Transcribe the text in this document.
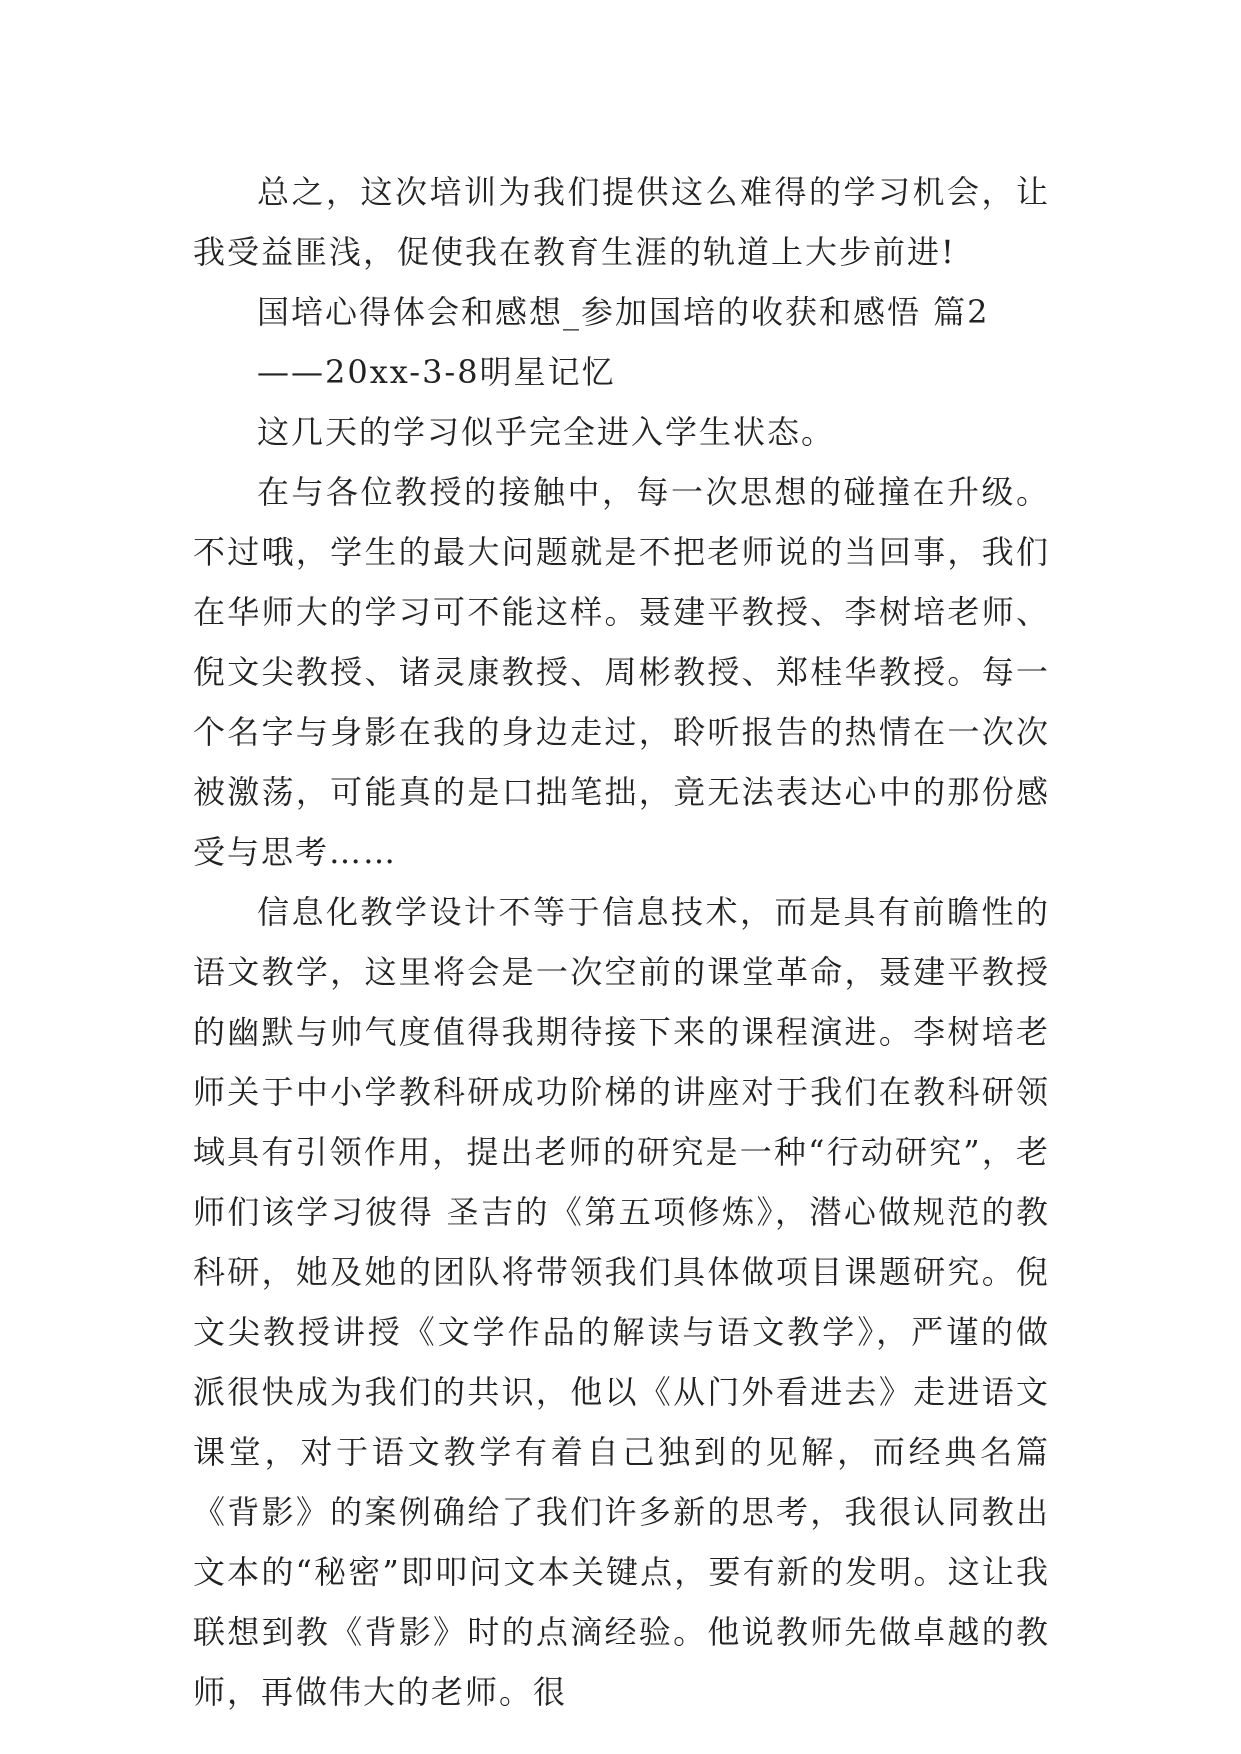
总之，这次培训为我们提供这么难得的学习机会，让我受益匪浅，促使我在教育生涯的轨道上大步前进!

国培心得体会和感想_参加国培的收获和感悟 篇2

——20xx-3-8明星记忆

这几天的学习似乎完全进入学生状态。

在与各位教授的接触中，每一次思想的碰撞在升级。不过哦，学生的最大问题就是不把老师说的当回事，我们在华师大的学习可不能这样。聂建平教授、李树培老师、倪文尖教授、诸灵康教授、周彬教授、郑桂华教授。每一个名字与身影在我的身边走过，聆听报告的热情在一次次被激荡，可能真的是口拙笔拙，竟无法表达心中的那份感受与思考……

信息化教学设计不等于信息技术，而是具有前瞻性的语文教学，这里将会是一次空前的课堂革命，聂建平教授的幽默与帅气度值得我期待接下来的课程演进。李树培老师关于中小学教科研成功阶梯的讲座对于我们在教科研领域具有引领作用，提出老师的研究是一种“行动研究”，老师们该学习彼得 圣吉的《第五项修炼》，潜心做规范的教科研，她及她的团队将带领我们具体做项目课题研究。倪文尖教授讲授《文学作品的解读与语文教学》，严谨的做派很快成为我们的共识，他以《从门外看进去》走进语文课堂，对于语文教学有着自己独到的见解，而经典名篇《背影》的案例确给了我们许多新的思考，我很认同教出文本的“秘密”即叩问文本关键点，要有新的发明。这让我联想到教《背影》时的点滴经验。他说教师先做卓越的教师，再做伟大的老师。很
